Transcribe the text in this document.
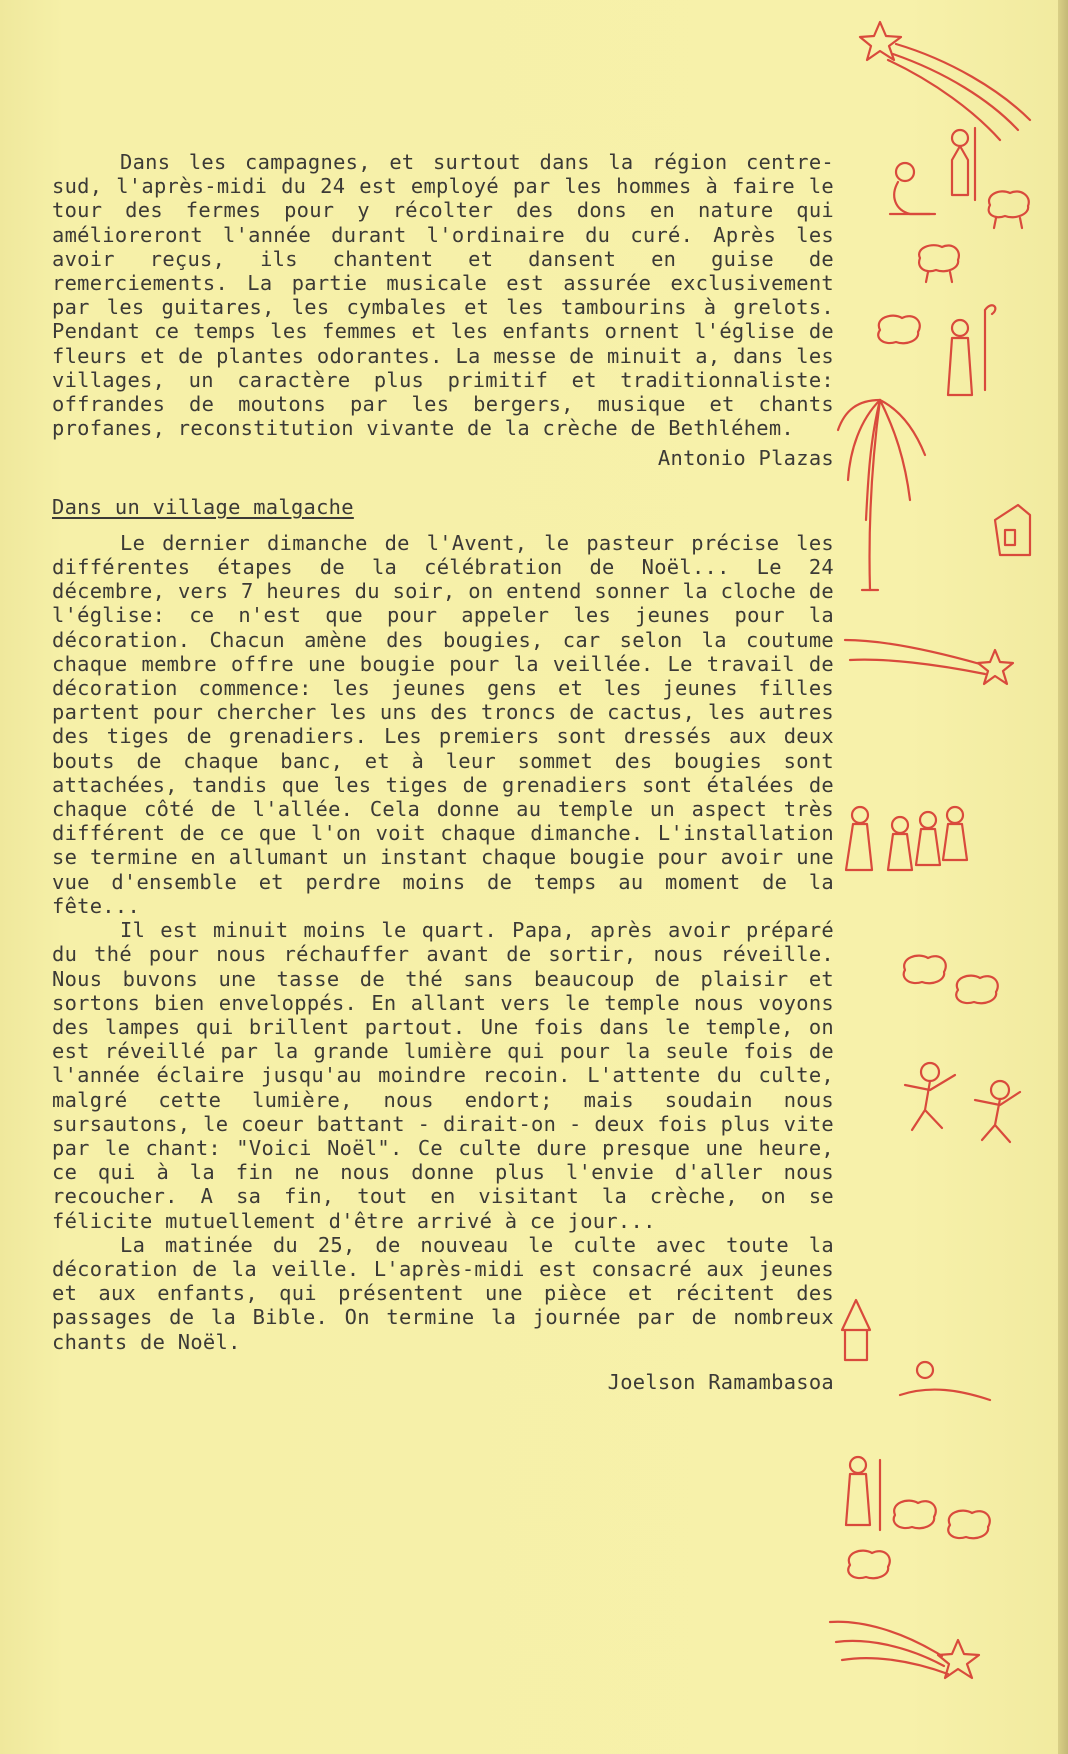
Dans les campagnes, et surtout dans la région centre-sud, l'après-midi du 24 est employé par les hommes à faire le tour des fermes pour y récolter des dons en nature qui amélioreront l'année durant l'ordinaire du curé. Après les avoir reçus, ils chantent et dansent en guise de remerciements. La partie musicale est assurée exclusivement par les guitares, les cymbales et les tambourins à grelots. Pendant ce temps les femmes et les enfants ornent l'église de fleurs et de plantes odorantes. La messe de minuit a, dans les villages, un caractère plus primitif et traditionnaliste: offrandes de moutons par les bergers, musique et chants profanes, reconstitution vivante de la crèche de Bethléhem.

Antonio Plazas

Dans un village malgache

Le dernier dimanche de l'Avent, le pasteur précise les différentes étapes de la célébration de Noël... Le 24 décembre, vers 7 heures du soir, on entend sonner la cloche de l'église: ce n'est que pour appeler les jeunes pour la décoration. Chacun amène des bougies, car selon la coutume chaque membre offre une bougie pour la veillée. Le travail de décoration commence: les jeunes gens et les jeunes filles partent pour chercher les uns des troncs de cactus, les autres des tiges de grenadiers. Les premiers sont dressés aux deux bouts de chaque banc, et à leur sommet des bougies sont attachées, tandis que les tiges de grenadiers sont étalées de chaque côté de l'allée. Cela donne au temple un aspect très différent de ce que l'on voit chaque dimanche. L'installation se termine en allumant un instant chaque bougie pour avoir une vue d'ensemble et perdre moins de temps au moment de la fête...

Il est minuit moins le quart. Papa, après avoir préparé du thé pour nous réchauffer avant de sortir, nous réveille. Nous buvons une tasse de thé sans beaucoup de plaisir et sortons bien enveloppés. En allant vers le temple nous voyons des lampes qui brillent partout. Une fois dans le temple, on est réveillé par la grande lumière qui pour la seule fois de l'année éclaire jusqu'au moindre recoin. L'attente du culte, malgré cette lumière, nous endort; mais soudain nous sursautons, le coeur battant - dirait-on - deux fois plus vite par le chant: "Voici Noël". Ce culte dure presque une heure, ce qui à la fin ne nous donne plus l'envie d'aller nous recoucher. A sa fin, tout en visitant la crèche, on se félicite mutuellement d'être arrivé à ce jour...

La matinée du 25, de nouveau le culte avec toute la décoration de la veille. L'après-midi est consacré aux jeunes et aux enfants, qui présentent une pièce et récitent des passages de la Bible. On termine la journée par de nombreux chants de Noël.

Joelson Ramambasoa
